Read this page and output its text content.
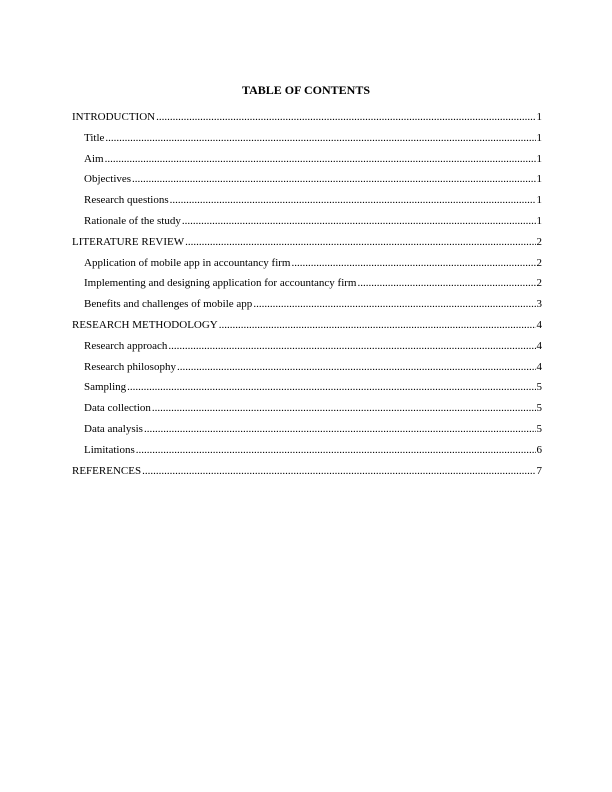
TABLE OF CONTENTS
INTRODUCTION .....	1
Title .....	1
Aim .....	1
Objectives .....	1
Research questions .....	1
Rationale of the study .....	1
LITERATURE REVIEW .....	2
Application of mobile app in accountancy firm .....	2
Implementing and designing application for accountancy firm .....	2
Benefits and challenges of mobile app .....	3
RESEARCH METHODOLOGY .....	4
Research approach .....	4
Research philosophy .....	4
Sampling .....	5
Data collection .....	5
Data analysis .....	5
Limitations .....	6
REFERENCES .....	7
